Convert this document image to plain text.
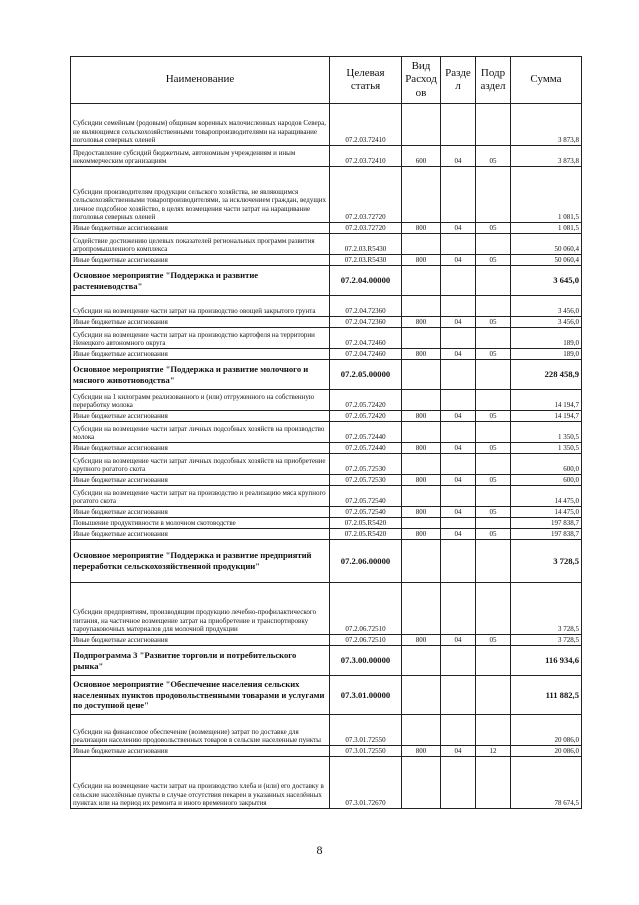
Наименование	Целевая статья	Вид Расход ов	Разде л	Подр аздел	Сумма
Субсидии семейным (родовым) общинам коренных малочисленных народов Севера, не являющимся сельскохозяйственными товаропроизводителями на наращивание поголовья северных оленей	07.2.03.72410				3 873,8
Предоставление субсидий бюджетным, автономным учреждениям и иным некоммерческим организациям	07.2.03.72410	600	04	05	3 873,8
Субсидии производителям продукции сельского хозяйства, не являющимся сельскохозяйственными товаропроизводителями, за исключением граждан, ведущих личное подсобное хозяйство, в целях возмещения части затрат на наращивание поголовья северных оленей	07.2.03.72720				1 081,5
Иные бюджетные ассигнования	07.2.03.72720	800	04	05	1 081,5
Содействие достижению целевых показателей региональных программ развития агропромышленного комплекса	07.2.03.R5430				50 060,4
Иные бюджетные ассигнования	07.2.03.R5430	800	04	05	50 060,4
Основное мероприятие "Поддержка и развитие растениеводства"	07.2.04.00000				3 645,0
Субсидии на возмещение части затрат на производство овощей закрытого грунта	07.2.04.72360				3 456,0
Иные бюджетные ассигнования	07.2.04.72360	800	04	05	3 456,0
Субсидии на возмещение части затрат на производство картофеля на территории Ненецкого автономного округа	07.2.04.72460				189,0
Иные бюджетные ассигнования	07.2.04.72460	800	04	05	189,0
Основное мероприятие "Поддержка и развитие молочного и мясного животноводства"	07.2.05.00000				228 458,9
Субсидии на 1 килограмм реализованного и (или) отгруженного на собственную переработку молока	07.2.05.72420				14 194,7
Иные бюджетные ассигнования	07.2.05.72420	800	04	05	14 194,7
Субсидии на возмещение части затрат личных подсобных хозяйств на производство молока	07.2.05.72440				1 350,5
Иные бюджетные ассигнования	07.2.05.72440	800	04	05	1 350,5
Субсидии на возмещение части затрат личных подсобных хозяйств на приобретение крупного рогатого скота	07.2.05.72530				600,0
Иные бюджетные ассигнования	07.2.05.72530	800	04	05	600,0
Субсидии на возмещение части затрат на производство и реализацию мяса крупного рогатого скота	07.2.05.72540				14 475,0
Иные бюджетные ассигнования	07.2.05.72540	800	04	05	14 475,0
Повышение продуктивности в молочном скотоводстве	07.2.05.R5420				197 838,7
Иные бюджетные ассигнования	07.2.05.R5420	800	04	05	197 838,7
Основное мероприятие "Поддержка и развитие предприятий переработки сельскохозяйственной продукции"	07.2.06.00000				3 728,5
Субсидии предприятиям, производящим продукцию лечебно-профилактического питания, на частичное возмещение затрат на приобретение и транспортировку тароупаковочных материалов для молочной продукции	07.2.06.72510				3 728,5
Иные бюджетные ассигнования	07.2.06.72510	800	04	05	3 728,5
Подпрограмма 3 "Развитие торговли и потребительского рынка"	07.3.00.00000				116 934,6
Основное мероприятие "Обеспечение населения сельских населенных пунктов продовольственными товарами и услугами по доступной цене"	07.3.01.00000				111 882,5
Субсидии на финансовое обеспечение (возмещение) затрат по доставке для реализации населению продовольственных товаров в сельские населенные пункты	07.3.01.72550				20 086,0
Иные бюджетные ассигнования	07.3.01.72550	800	04	12	20 086,0
Субсидии на возмещение части затрат на производство хлеба и (или) его доставку в сельские населённые пункты в случае отсутствия пекарен в указанных населённых пунктах или на период их ремонта и иного временного закрытия	07.3.01.72670				78 674,5
8
